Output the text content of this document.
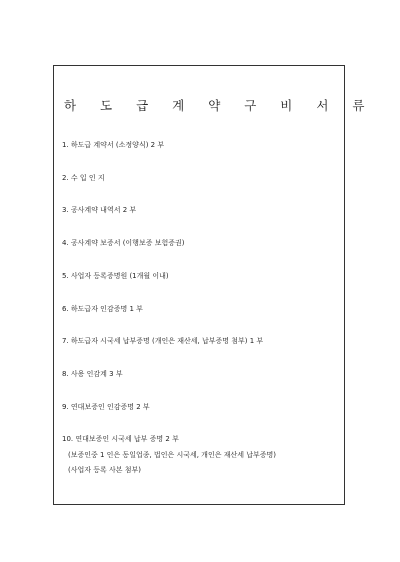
하 도 급 계 약 구 비 서 류
1. 하도급 계약서 (소정양식) 2 부
2. 수 입 인 지
3. 공사계약 내역서 2 부
4. 공사계약 보증서 (이행보증 보험증권)
5. 사업자 등록증명원 (1개월 이내)
6. 하도급자 인감증명 1 부
7. 하도급자 시국세 납부증명 (개인은 재산세, 납부증명 첨부) 1 부
8. 사용 인감계 3 부
9. 연대보증인 인감증명 2 부
10. 연대보증인 시국세 납부 증명 2 부
(보증인중 1 인은 동일업종, 법인은 시국세, 개인은 재산세 납부증명)
(사업자 등록 사본 첨부)
